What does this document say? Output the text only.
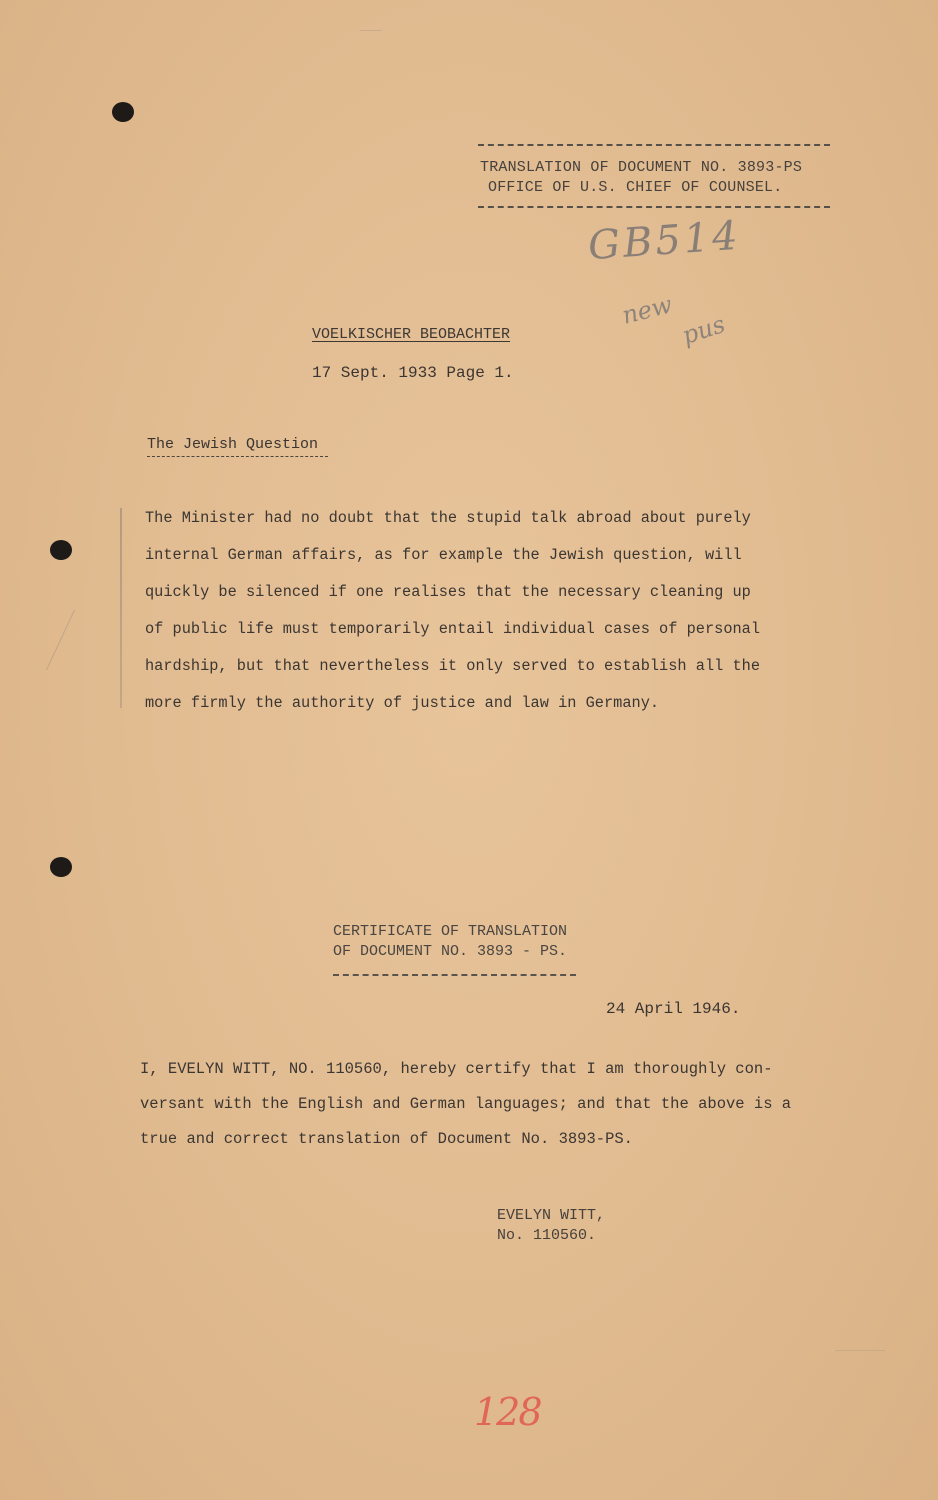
TRANSLATION OF DOCUMENT NO. 3893-PS
OFFICE OF U.S. CHIEF OF COUNSEL.
GB514
new
pus
VOELKISCHER BEOBACHTER
17 Sept. 1933 Page 1.
The Jewish Question
The Minister had no doubt that the stupid talk abroad about purely
internal German affairs, as for example the Jewish question, will
quickly be silenced if one realises that the necessary cleaning up
of public life must temporarily entail individual cases of personal
hardship, but that nevertheless it only served to establish all the
more firmly the authority of justice and law in Germany.
CERTIFICATE OF TRANSLATION
OF DOCUMENT NO. 3893 - PS.
24 April 1946.
I, EVELYN WITT, NO. 110560, hereby certify that I am thoroughly con-
versant with the English and German languages; and that the above is a
true and correct translation of Document No. 3893-PS.
EVELYN WITT,
No. 110560.
128
